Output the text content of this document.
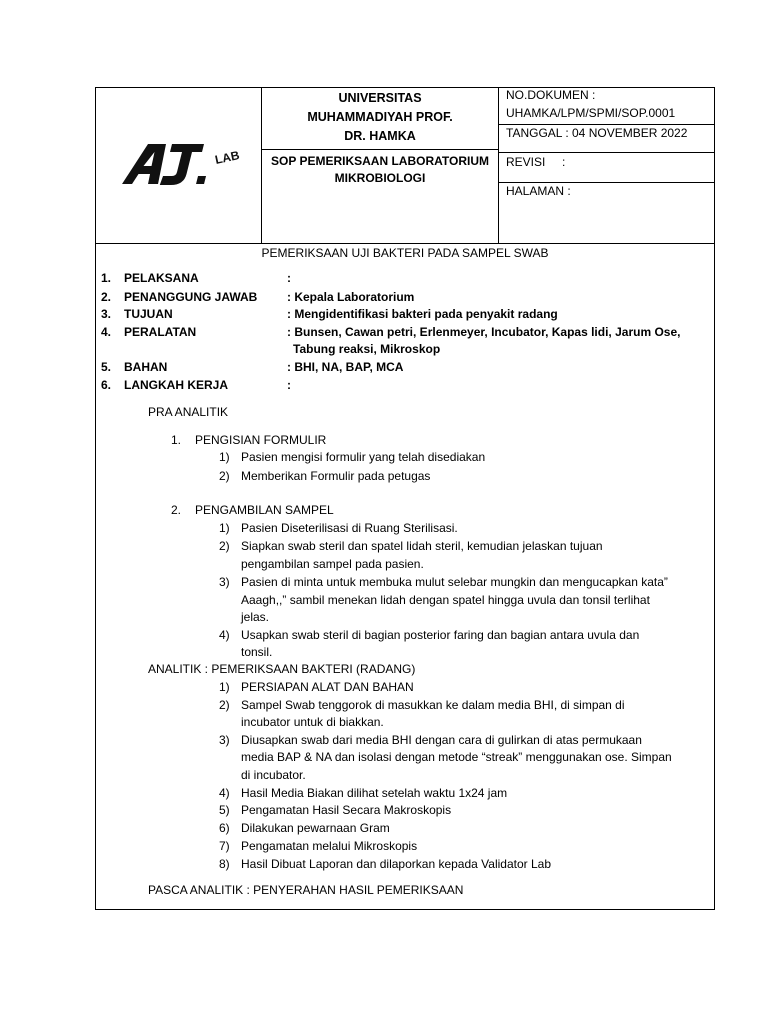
LAB
UNIVERSITAS
MUHAMMADIYAH PROF.
DR. HAMKA
SOP PEMERIKSAAN LABORATORIUM
MIKROBIOLOGI
NO.DOKUMEN :
UHAMKA/LPM/SPMI/SOP.0001
TANGGAL : 04 NOVEMBER 2022
REVISI     :
HALAMAN :
PEMERIKSAAN UJI BAKTERI PADA SAMPEL SWAB
1. PELAKSANA	:
2. PENANGGUNG JAWAB : Kepala Laboratorium
3. TUJUAN	: Mengidentifikasi bakteri pada penyakit radang
4. PERALATAN	: Bunsen, Cawan petri, Erlenmeyer, Incubator, Kapas lidi, Jarum Ose,
Tabung reaksi, Mikroskop
5. BAHAN	: BHI, NA, BAP, MCA
6. LANGKAH KERJA	:
PRA ANALITIK
1. PENGISIAN FORMULIR
1) Pasien mengisi formulir yang telah disediakan
2) Memberikan Formulir pada petugas
2. PENGAMBILAN SAMPEL
1) Pasien Diseterilisasi di Ruang Sterilisasi.
2) Siapkan swab steril dan spatel lidah steril, kemudian jelaskan tujuan
pengambilan sampel pada pasien.
3) Pasien di minta untuk membuka mulut selebar mungkin dan mengucapkan kata”
Aaagh,,” sambil menekan lidah dengan spatel hingga uvula dan tonsil terlihat
jelas.
4) Usapkan swab steril di bagian posterior faring dan bagian antara uvula dan
tonsil.
ANALITIK : PEMERIKSAAN BAKTERI (RADANG)
1) PERSIAPAN ALAT DAN BAHAN
2) Sampel Swab tenggorok di masukkan ke dalam media BHI, di simpan di
incubator untuk di biakkan.
3) Diusapkan swab dari media BHI dengan cara di gulirkan di atas permukaan
media BAP & NA dan isolasi dengan metode “streak” menggunakan ose. Simpan
di incubator.
4) Hasil Media Biakan dilihat setelah waktu 1x24 jam
5) Pengamatan Hasil Secara Makroskopis
6) Dilakukan pewarnaan Gram
7) Pengamatan melalui Mikroskopis
8) Hasil Dibuat Laporan dan dilaporkan kepada Validator Lab
PASCA ANALITIK : PENYERAHAN HASIL PEMERIKSAAN
